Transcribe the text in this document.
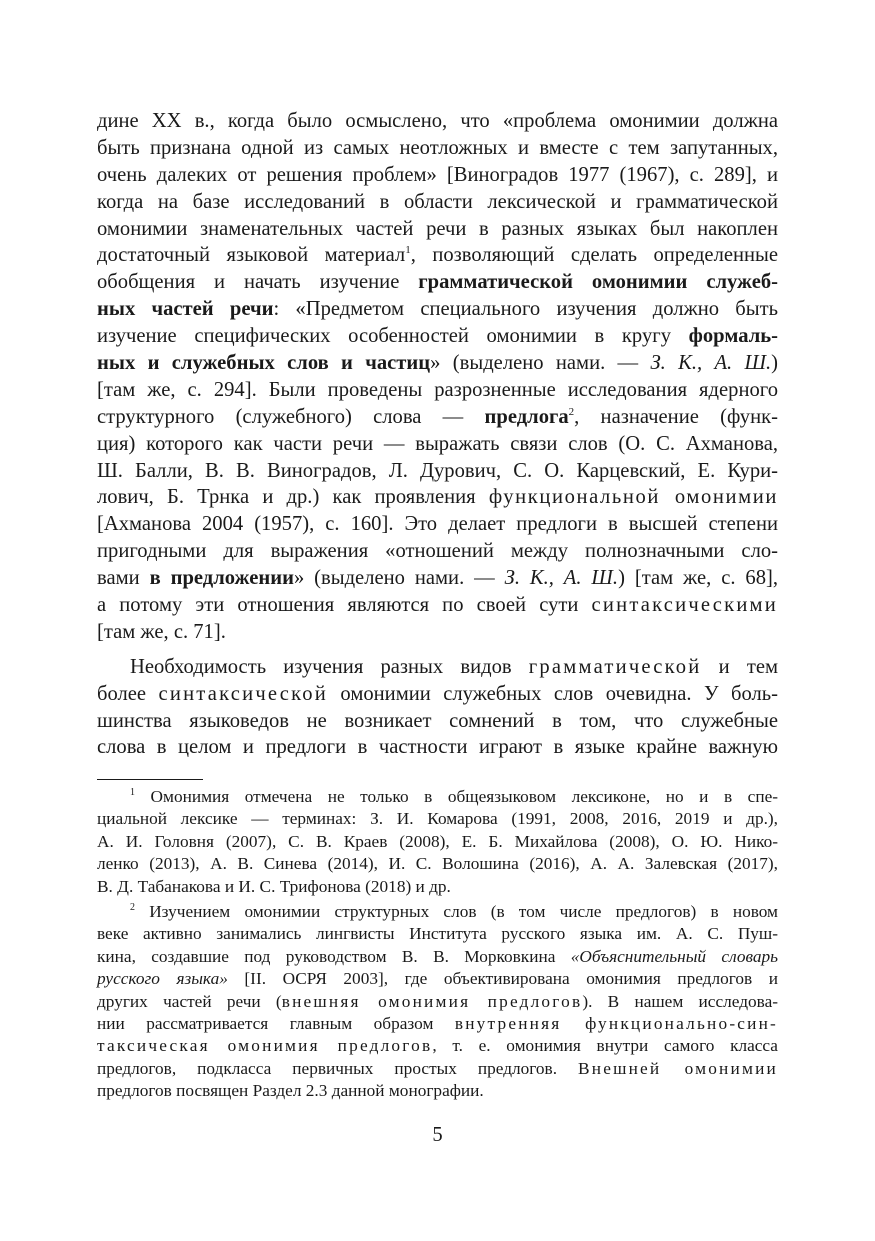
дине XX в., когда было осмыслено, что «проблема омонимии должна
быть признана одной из самых неотложных и вместе с тем запутанных,
очень далеких от решения проблем» [Виноградов 1977 (1967), с. 289], и
когда на базе исследований в области лексической и грамматической
омонимии знаменательных частей речи в разных языках был накоплен
достаточный языковой материал$^1$, позволяющий сделать определенные
обобщения и начать изучение грамматической омонимии служеб-
ных частей речи: «Предметом специального изучения должно быть
изучение специфических особенностей омонимии в кругу формаль-
ных и служебных слов и частиц» (выделено нами. — З. К., А. Ш.)
[там же, с. 294]. Были проведены разрозненные исследования ядерного
структурного (служебного) слова — предлога$^2$, назначение (функ-
ция) которого как части речи — выражать связи слов (О. С. Ахманова,
Ш. Балли, В. В. Виноградов, Л. Дурович, С. О. Карцевский, Е. Кури-
лович, Б. Трнка и др.) как проявления функциональной омонимии
[Ахманова 2004 (1957), с. 160]. Это делает предлоги в высшей степени
пригодными для выражения «отношений между полнозначными сло-
вами в предложении» (выделено нами. — З. К., А. Ш.) [там же, с. 68],
а потому эти отношения являются по своей сути синтаксическими
[там же, с. 71].
Необходимость изучения разных видов грамматической и тем
более синтаксической омонимии служебных слов очевидна. У боль-
шинства языковедов не возникает сомнений в том, что служебные
слова в целом и предлоги в частности играют в языке крайне важную
$^1$ Омонимия отмечена не только в общеязыковом лексиконе, но и в спе-
циальной лексике — терминах: З. И. Комарова (1991, 2008, 2016, 2019 и др.),
А. И. Головня (2007), С. В. Краев (2008), Е. Б. Михайлова (2008), О. Ю. Нико-
ленко (2013), А. В. Синева (2014), И. С. Волошина (2016), А. А. Залевская (2017),
В. Д. Табанакова и И. С. Трифонова (2018) и др.
$^2$ Изучением омонимии структурных слов (в том числе предлогов) в новом
веке активно занимались лингвисты Института русского языка им. А. С. Пуш-
кина, создавшие под руководством В. В. Морковкина «Объяснительный словарь
русского языка» [II. ОСРЯ 2003], где объективирована омонимия предлогов и
других частей речи (внешняя омонимия предлогов). В нашем исследова-
нии рассматривается главным образом внутренняя функционально-син-
таксическая омонимия предлогов, т. е. омонимия внутри самого класса
предлогов, подкласса первичных простых предлогов. Внешней омонимии
предлогов посвящен Раздел 2.3 данной монографии.
5
